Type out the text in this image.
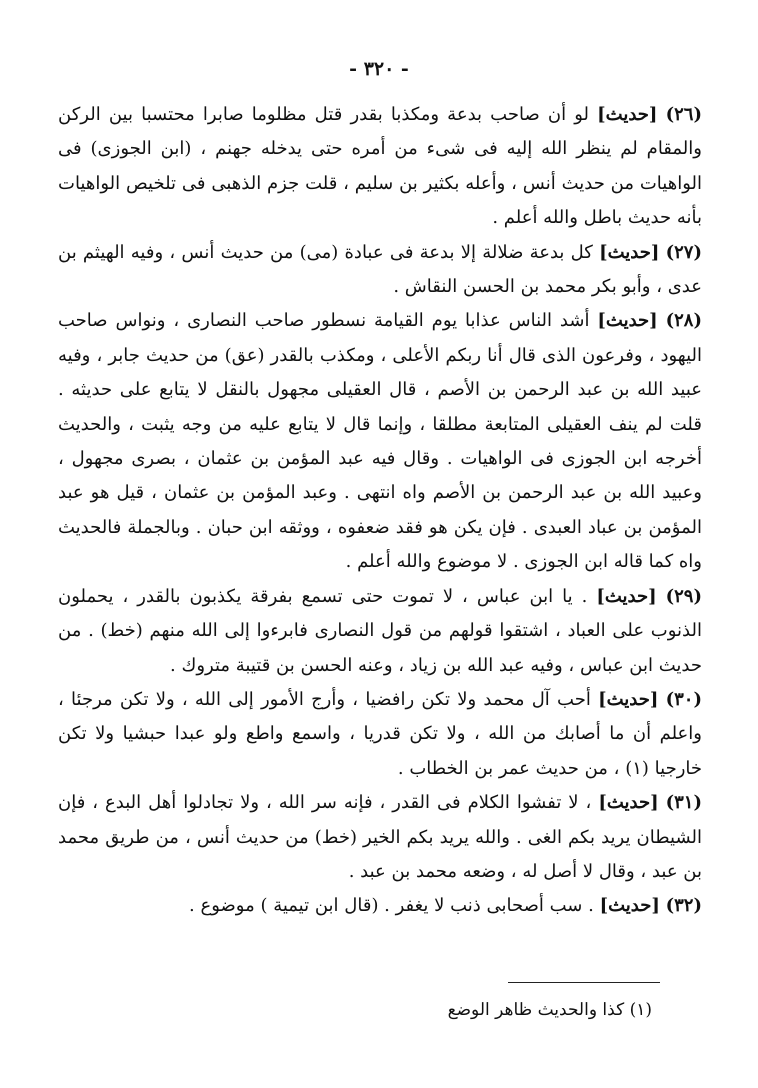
- ٣٢٠ -

(٢٦) [حديث] لو أن صاحب بدعة ومكذبا بقدر قتل مظلوما صابرا محتسبا بين الركن والمقام لم ينظر الله إليه فى شىء من أمره حتى يدخله جهنم ، (ابن الجوزى) فى الواهيات من حديث أنس ، وأعله بكثير بن سليم ، قلت جزم الذهبى فى تلخيص الواهيات بأنه حديث باطل والله أعلم .

(٢٧) [حديث] كل بدعة ضلالة إلا بدعة فى عبادة (مى) من حديث أنس ، وفيه الهيثم بن عدى ، وأبو بكر محمد بن الحسن النقاش .

(٢٨) [حديث] أشد الناس عذابا يوم القيامة نسطور صاحب النصارى ، ونواس صاحب اليهود ، وفرعون الذى قال أنا ربكم الأعلى ، ومكذب بالقدر (عق) من حديث جابر ، وفيه عبيد الله بن عبد الرحمن بن الأصم ، قال العقيلى مجهول بالنقل لا يتابع على حديثه . قلت لم ينف العقيلى المتابعة مطلقا ، وإنما قال لا يتابع عليه من وجه يثبت ، والحديث أخرجه ابن الجوزى فى الواهيات . وقال فيه عبد المؤمن بن عثمان ، بصرى مجهول ، وعبيد الله بن عبد الرحمن بن الأصم واه انتهى . وعبد المؤمن بن عثمان ، قيل هو عبد المؤمن بن عباد العبدى . فإن يكن هو فقد ضعفوه ، ووثقه ابن حبان . وبالجملة فالحديث واه كما قاله ابن الجوزى . لا موضوع والله أعلم .

(٢٩) [حديث] . يا ابن عباس ، لا تموت حتى تسمع بفرقة يكذبون بالقدر ، يحملون الذنوب على العباد ، اشتقوا قولهم من قول النصارى فابرءوا إلى الله منهم (خط) . من حديث ابن عباس ، وفيه عبد الله بن زياد ، وعنه الحسن بن قتيبة متروك .

(٣٠) [حديث] أحب آل محمد ولا تكن رافضيا ، وأرج الأمور إلى الله ، ولا تكن مرجئا ، واعلم أن ما أصابك من الله ، ولا تكن قدريا ، واسمع واطع ولو عبدا حبشيا ولا تكن خارجيا (١) ، من حديث عمر بن الخطاب .

(٣١) [حديث] ، لا تفشوا الكلام فى القدر ، فإنه سر الله ، ولا تجادلوا أهل البدع ، فإن الشيطان يريد بكم الغى . والله يريد بكم الخير (خط) من حديث أنس ، من طريق محمد بن عبد ، وقال لا أصل له ، وضعه محمد بن عبد .

(٣٢) [حديث] . سب أصحابى ذنب لا يغفر . (قال ابن تيمية ) موضوع .

(١) كذا والحديث ظاهر الوضع
